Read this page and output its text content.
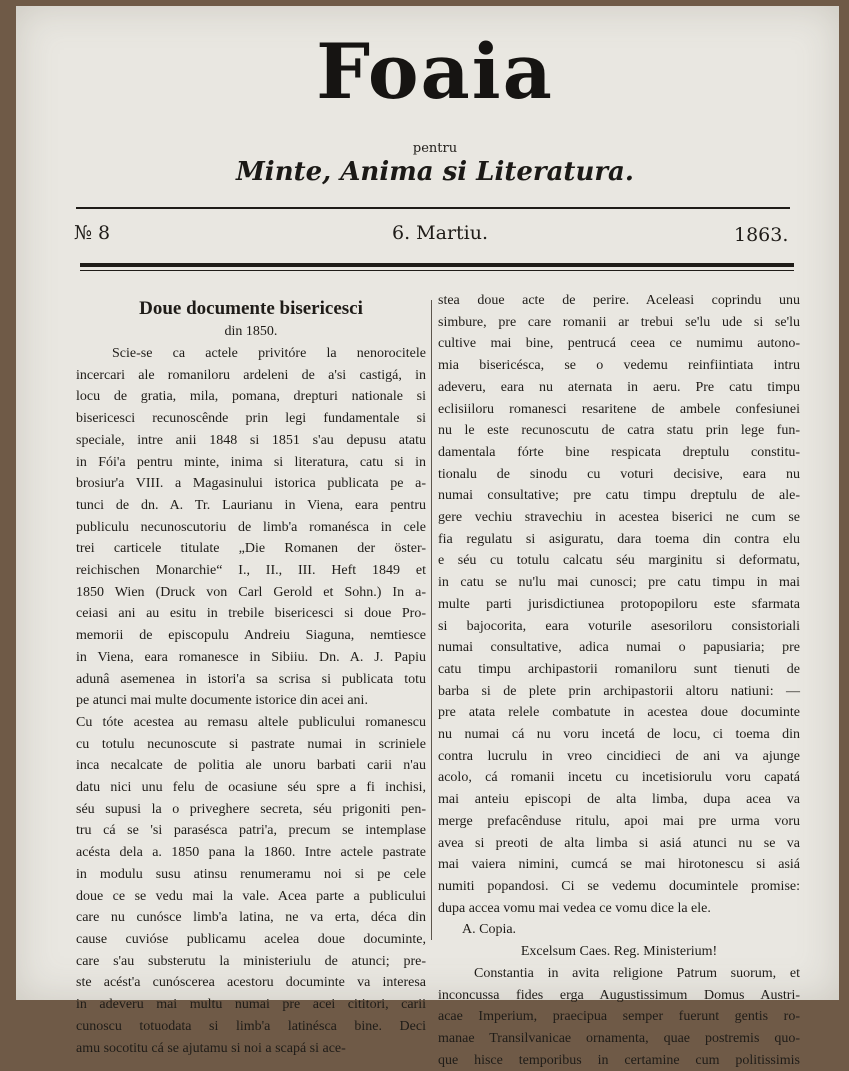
Foaia
pentru
Minte, Anima si Literatura.
№ 8	6. Martiu.	1863.
Doue documente bisericesci
din 1850.
Scie-se ca actele privitóre la nenorocitele
incercari ale romaniloru ardeleni de a'si castigá, in
locu de gratia, mila, pomana, drepturi nationale si
bisericesci recunoscênde prin legi fundamentale si
speciale, intre anii 1848 si 1851 s'au depusu atatu
in Fói'a pentru minte, inima si literatura, catu si in
brosiur'a VIII. a Magasinului istorica publicata pe a-
tunci de dn. A. Tr. Laurianu in Viena, eara pentru
publiculu necunoscutoriu de limb'a romanésca in cele
trei carticele titulate „Die Romanen der öster-
reichischen Monarchie“ I., II., III. Heft 1849 et
1850 Wien (Druck von Carl Gerold et Sohn.) In a-
ceiasi ani au esitu in trebile bisericesci si doue Pro-
memorii de episcopulu Andreiu Siaguna, nemtiesce
in Viena, eara romanesce in Sibiiu. Dn. A. J. Papiu
adunâ asemenea in istori'a sa scrisa si publicata totu
pe atunci mai multe documente istorice din acei ani.
Cu tóte acestea au remasu altele publicului romanescu
cu totulu necunoscute si pastrate numai in scriniele
inca necalcate de politia ale unoru barbati carii n'au
datu nici unu felu de ocasiune séu spre a fi inchisi,
séu supusi la o priveghere secreta, séu prigoniti pen-
tru cá se 'si parasésca patri'a, precum se intemplase
acésta dela a. 1850 pana la 1860. Intre actele pastrate
in modulu susu atinsu renumeramu noi si pe cele
doue ce se vedu mai la vale. Acea parte a publicului
care nu cunósce limb'a latina, ne va erta, déca din
cause cuvióse publicamu acelea doue documinte,
care s'au substerutu la ministeriulu de atunci; pre-
ste acést'a cunóscerea acestoru documinte va interesa
in adeveru mai multu numai pre acei cititori, carii
cunoscu totuodata si limb'a latinésca bine. Deci
amu socotitu cá se ajutamu si noi a scapá si ace-
stea doue acte de perire. Aceleasi coprindu unu
simbure, pre care romanii ar trebui se'lu ude si se'lu
cultive mai bine, pentrucá ceea ce numimu autono-
mia bisericésca, se o vedemu reinfiintiata intru
adeveru, eara nu aternata in aeru. Pre catu timpu
eclisiiloru romanesci resaritene de ambele confesiunei
nu le este recunoscutu de catra statu prin lege fun-
damentala fórte bine respicata dreptulu constitu-
tionalu de sinodu cu voturi decisive, eara nu
numai consultative; pre catu timpu dreptulu de ale-
gere vechiu stravechiu in acestea biserici ne cum se
fia regulatu si asiguratu, dara toema din contra elu
e séu cu totulu calcatu séu marginitu si deformatu,
in catu se nu'lu mai cunosci; pre catu timpu in mai
multe parti jurisdictiunea protopopiloru este sfarmata
si bajocorita, eara voturile asesoriloru consistoriali
numai consultative, adica numai o papusiaria; pre
catu timpu archipastorii romaniloru sunt tienuti de
barba si de plete prin archipastorii altoru natiuni: —
pre atata relele combatute in acestea doue documinte
nu numai cá nu voru incetá de locu, ci toema din
contra lucrulu in vreo cincidieci de ani va ajunge
acolo, cá romanii incetu cu incetisiorulu voru capatá
mai anteiu episcopi de alta limba, dupa acea va
merge prefacênduse ritulu, apoi mai pre urma voru
avea si preoti de alta limba si asiá atunci nu se va
mai vaiera nimini, cumcá se mai hirotonescu si asiá
numiti popandosi. Ci se vedemu documintele promise:
dupa accea vomu mai vedea ce vomu dice la ele.
A. Copia.
Excelsum Caes. Reg. Ministerium!
Constantia in avita religione Patrum suorum, et
inconcussa fides erga Augustissimum Domus Austri-
acae Imperium, praecipua semper fuerunt gentis ro-
manae Transilvanicae ornamenta, quae postremis quo-
que hisce temporibus in certamine cum politissimis
